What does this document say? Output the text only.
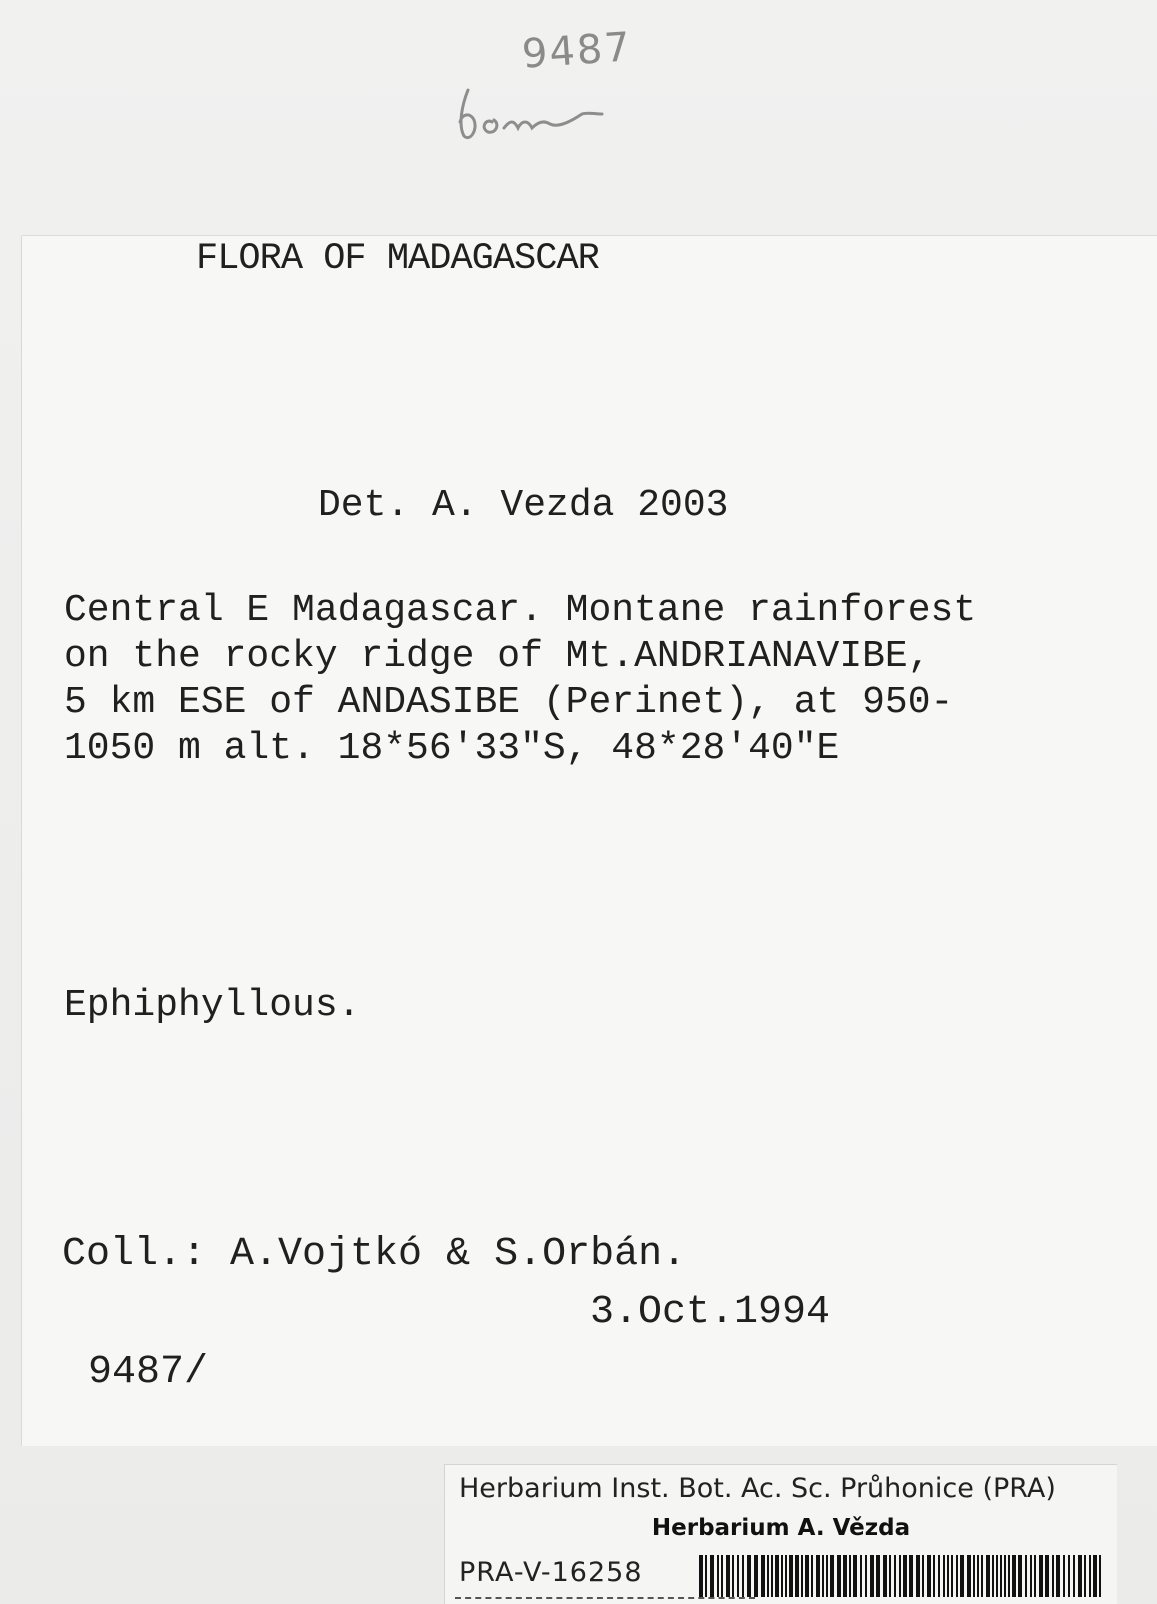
9487
FLORA OF MADAGASCAR
Det. A. Vezda 2003
Central E Madagascar. Montane rainforest
on the rocky ridge of Mt.ANDRIANAVIBE,
5 km ESE of ANDASIBE (Perinet), at 950-
1050 m alt. 18*56'33"S, 48*28'40"E
Ephiphyllous.
Coll.: A.Vojtkó & S.Orbán.
3.Oct.1994
9487/
Herbarium Inst. Bot. Ac. Sc. Průhonice (PRA)
Herbarium A. Vězda
PRA-V-16258
